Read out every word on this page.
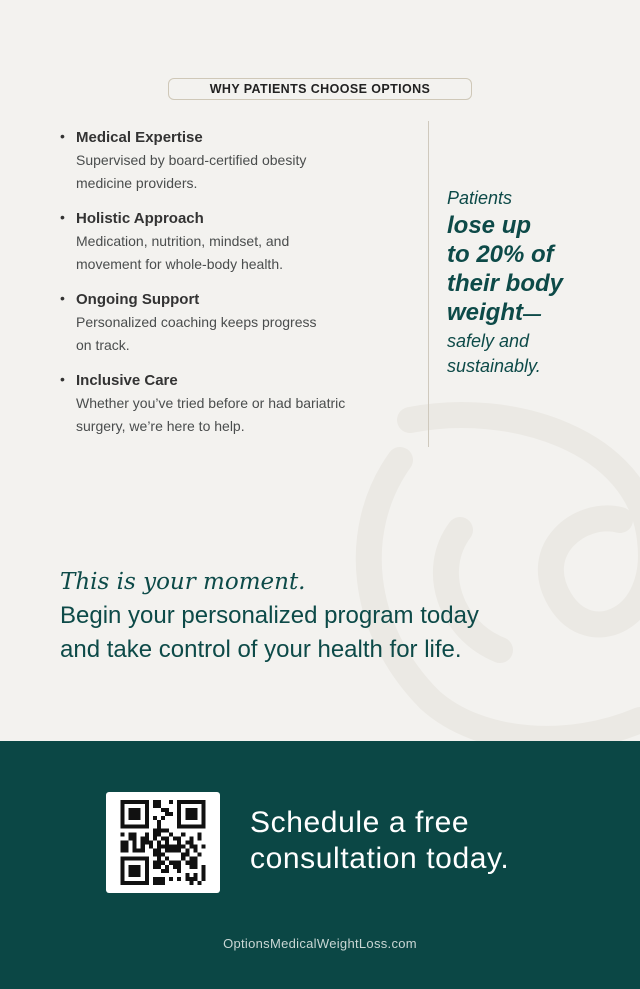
WHY PATIENTS CHOOSE OPTIONS
• Medical Expertise
Supervised by board-certified obesity
medicine providers.
• Holistic Approach
Medication, nutrition, mindset, and
movement for whole-body health.
• Ongoing Support
Personalized coaching keeps progress
on track.
• Inclusive Care
Whether you’ve tried before or had bariatric
surgery, we’re here to help.
Patients
lose up
to 20% of
their body
weight—
safely and
sustainably.
This is your moment.
Begin your personalized program today
and take control of your health for life.
Schedule a free
consultation today.
OptionsMedicalWeightLoss.com
